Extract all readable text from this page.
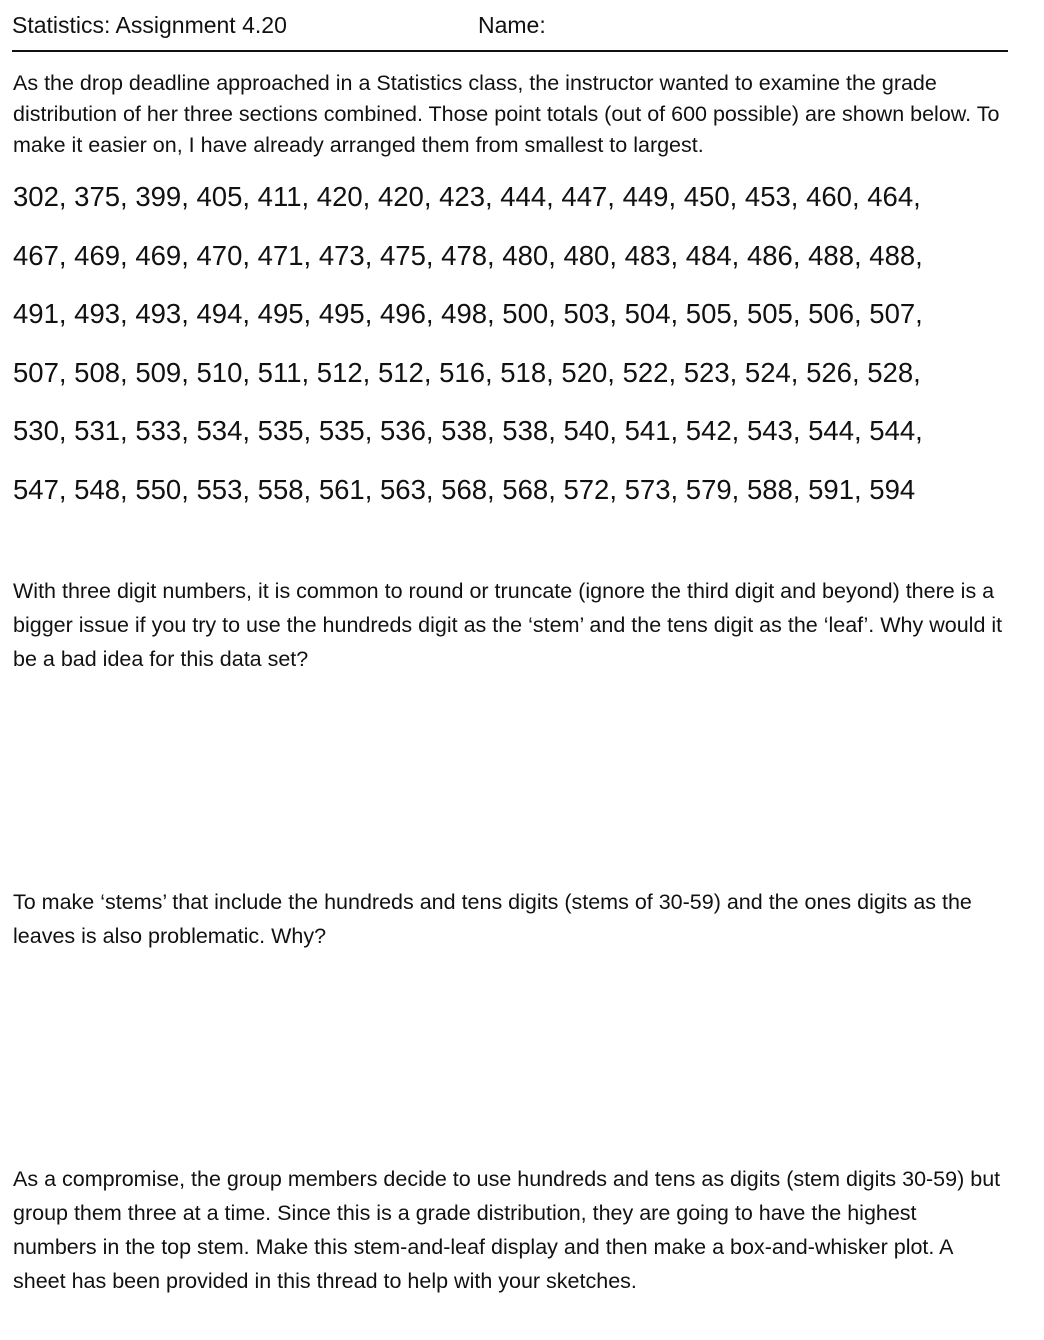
Statistics: Assignment 4.20	Name:

As the drop deadline approached in a Statistics class, the instructor wanted to examine the grade distribution of her three sections combined. Those point totals (out of 600 possible) are shown below. To make it easier on, I have already arranged them from smallest to largest.

302, 375, 399, 405, 411, 420, 420, 423, 444, 447, 449, 450, 453, 460, 464,
467, 469, 469, 470, 471, 473, 475, 478, 480, 480, 483, 484, 486, 488, 488,
491, 493, 493, 494, 495, 495, 496, 498, 500, 503, 504, 505, 505, 506, 507,
507, 508, 509, 510, 511, 512, 512, 516, 518, 520, 522, 523, 524, 526, 528,
530, 531, 533, 534, 535, 535, 536, 538, 538, 540, 541, 542, 543, 544, 544,
547, 548, 550, 553, 558, 561, 563, 568, 568, 572, 573, 579, 588, 591, 594

With three digit numbers, it is common to round or truncate (ignore the third digit and beyond) there is a bigger issue if you try to use the hundreds digit as the ‘stem’ and the tens digit as the ‘leaf’. Why would it be a bad idea for this data set?

To make ‘stems’ that include the hundreds and tens digits (stems of 30-59) and the ones digits as the leaves is also problematic. Why?

As a compromise, the group members decide to use hundreds and tens as digits (stem digits 30-59) but group them three at a time. Since this is a grade distribution, they are going to have the highest numbers in the top stem. Make this stem-and-leaf display and then make a box-and-whisker plot. A sheet has been provided in this thread to help with your sketches.
